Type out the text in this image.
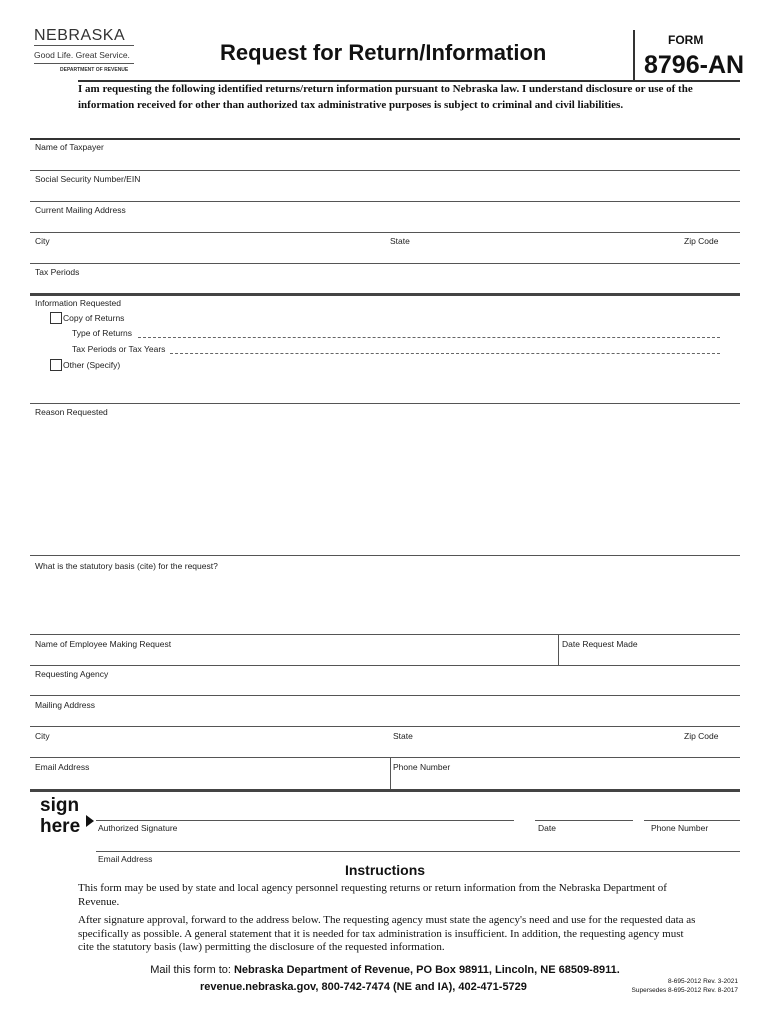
NEBRASKA
Good Life. Great Service.
DEPARTMENT OF REVENUE
Request for Return/Information	FORM
8796-AN
I am requesting the following identified returns/return information pursuant to Nebraska law. I understand disclosure or use of the information received for other than authorized tax administrative purposes is subject to criminal and civil liabilities.
Name of Taxpayer
Social Security Number/EIN
Current Mailing Address
City	State	Zip Code
Tax Periods
Information Requested
Copy of Returns
Type of Returns
Tax Periods or Tax Years
Other (Specify)
Reason Requested
What is the statutory basis (cite) for the request?
Name of Employee Making Request	Date Request Made
Requesting Agency
Mailing Address
City	State	Zip Code
Email Address	Phone Number
sign
here Authorized Signature	Date	Phone Number
Email Address
Instructions
This form may be used by state and local agency personnel requesting returns or return information from the Nebraska Department of Revenue.
After signature approval, forward to the address below. The requesting agency must state the agency's need and use for the requested data as specifically as possible. A general statement that it is needed for tax administration is insufficient. In addition, the requesting agency must cite the statutory basis (law) permitting the disclosure of the requested information.
Mail this form to: Nebraska Department of Revenue, PO Box 98911, Lincoln, NE 68509-8911.
revenue.nebraska.gov, 800-742-7474 (NE and IA), 402-471-5729	8-695-2012 Rev. 3-2021
Supersedes 8-695-2012 Rev. 8-2017
